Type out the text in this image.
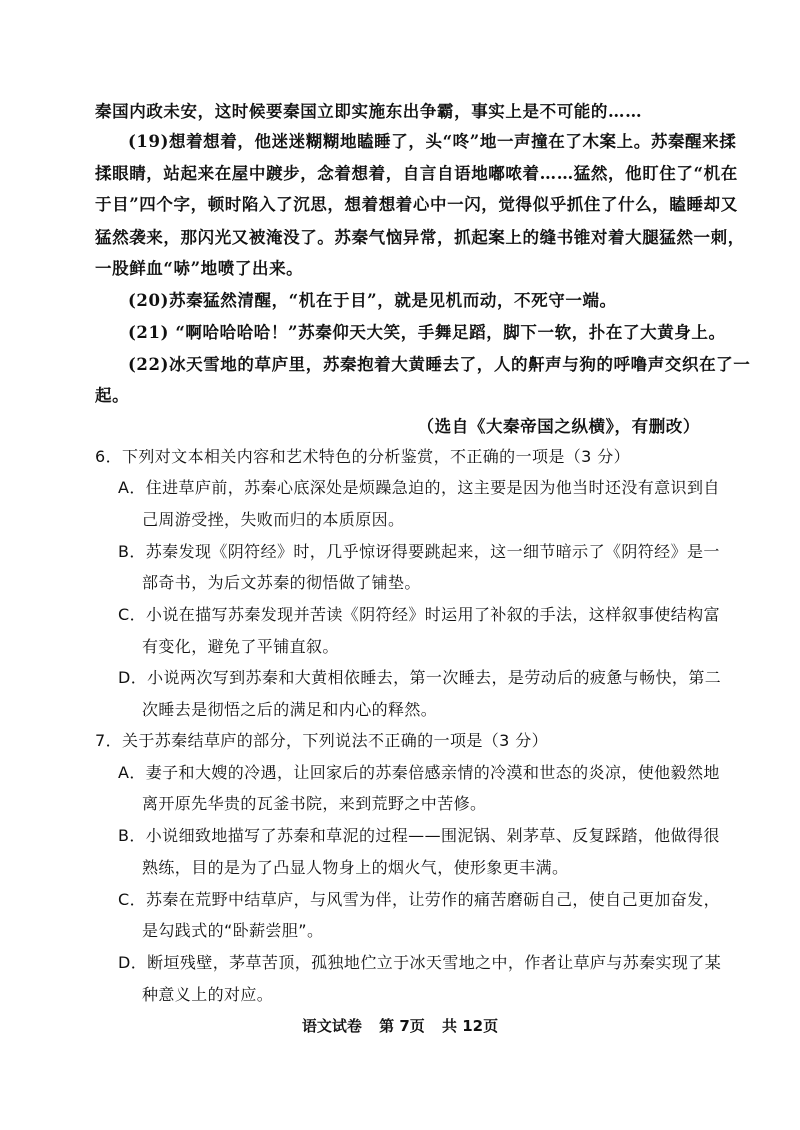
秦国内政未安，这时候要秦国立即实施东出争霸，事实上是不可能的……
(19)想着想着，他迷迷糊糊地瞌睡了，头“咚”地一声撞在了木案上。苏秦醒来揉
揉眼睛，站起来在屋中踱步，念着想着，自言自语地嘟哝着……猛然，他盯住了“机在
于目”四个字，顿时陷入了沉思，想着想着心中一闪，觉得似乎抓住了什么，瞌睡却又
猛然袭来，那闪光又被淹没了。苏秦气恼异常，抓起案上的缝书锥对着大腿猛然一刺，
一股鲜血“哧”地喷了出来。
(20)苏秦猛然清醒，“机在于目”，就是见机而动，不死守一端。
(21) “啊哈哈哈哈！”苏秦仰天大笑，手舞足蹈，脚下一软，扑在了大黄身上。
(22)冰天雪地的草庐里，苏秦抱着大黄睡去了，人的鼾声与狗的呼噜声交织在了一
起。
（选自《大秦帝国之纵横》，有删改）
6．下列对文本相关内容和艺术特色的分析鉴赏，不正确的一项是（3 分）
A．住进草庐前，苏秦心底深处是烦躁急迫的，这主要是因为他当时还没有意识到自
己周游受挫，失败而归的本质原因。
B．苏秦发现《阴符经》时，几乎惊讶得要跳起来，这一细节暗示了《阴符经》是一
部奇书，为后文苏秦的彻悟做了铺垫。
C．小说在描写苏秦发现并苦读《阴符经》时运用了补叙的手法，这样叙事使结构富
有变化，避免了平铺直叙。
D．小说两次写到苏秦和大黄相依睡去，第一次睡去，是劳动后的疲惫与畅快，第二
次睡去是彻悟之后的满足和内心的释然。
7．关于苏秦结草庐的部分，下列说法不正确的一项是（3 分）
A．妻子和大嫂的冷遇，让回家后的苏秦倍感亲情的冷漠和世态的炎凉，使他毅然地
离开原先华贵的瓦釜书院，来到荒野之中苦修。
B．小说细致地描写了苏秦和草泥的过程——围泥锅、剁茅草、反复踩踏，他做得很
熟练，目的是为了凸显人物身上的烟火气，使形象更丰满。
C．苏秦在荒野中结草庐，与风雪为伴，让劳作的痛苦磨砺自己，使自己更加奋发，
是勾践式的“卧薪尝胆”。
D．断垣残壁，茅草苦顶，孤独地伫立于冰天雪地之中，作者让草庐与苏秦实现了某
种意义上的对应。
语文试卷 第 7页 共 12页
